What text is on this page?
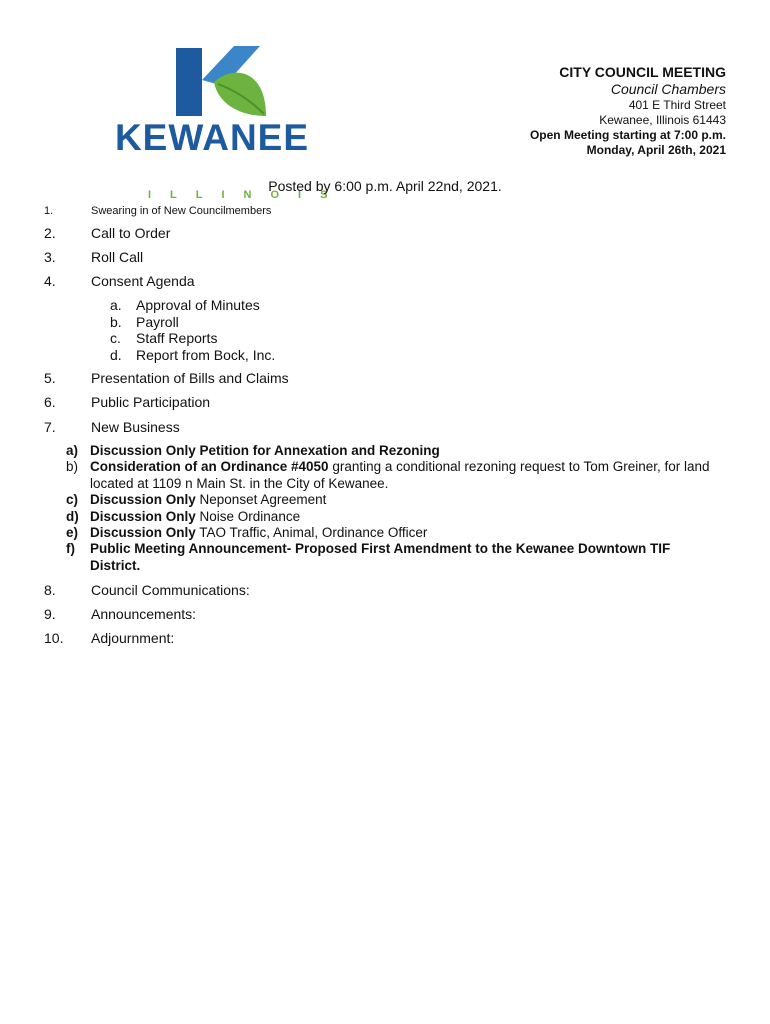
KEWANEE
ILLINOIS
CITY COUNCIL MEETING
Council Chambers
401 E Third Street
Kewanee, Illinois 61443
Open Meeting starting at 7:00 p.m.
Monday, April 26th, 2021
Posted by 6:00 p.m. April 22nd, 2021.
1.	Swearing in of New Councilmembers
2.	Call to Order
3.	Roll Call
4.	Consent Agenda
a.	Approval of Minutes
b.	Payroll
c.	Staff Reports
d.	Report from Bock, Inc.
5.	Presentation of Bills and Claims
6.	Public Participation
7.	New Business
a) Discussion Only Petition for Annexation and Rezoning
b) Consideration of an Ordinance #4050 granting a conditional rezoning request to Tom Greiner, for land located at 1109 n Main St. in the City of Kewanee.
c) Discussion Only Neponset Agreement
d) Discussion Only Noise Ordinance
e) Discussion Only TAO Traffic, Animal, Ordinance Officer
f)	Public Meeting Announcement- Proposed First Amendment to the Kewanee Downtown TIF District.
8.	Council Communications:
9.	Announcements:
10.	Adjournment:
